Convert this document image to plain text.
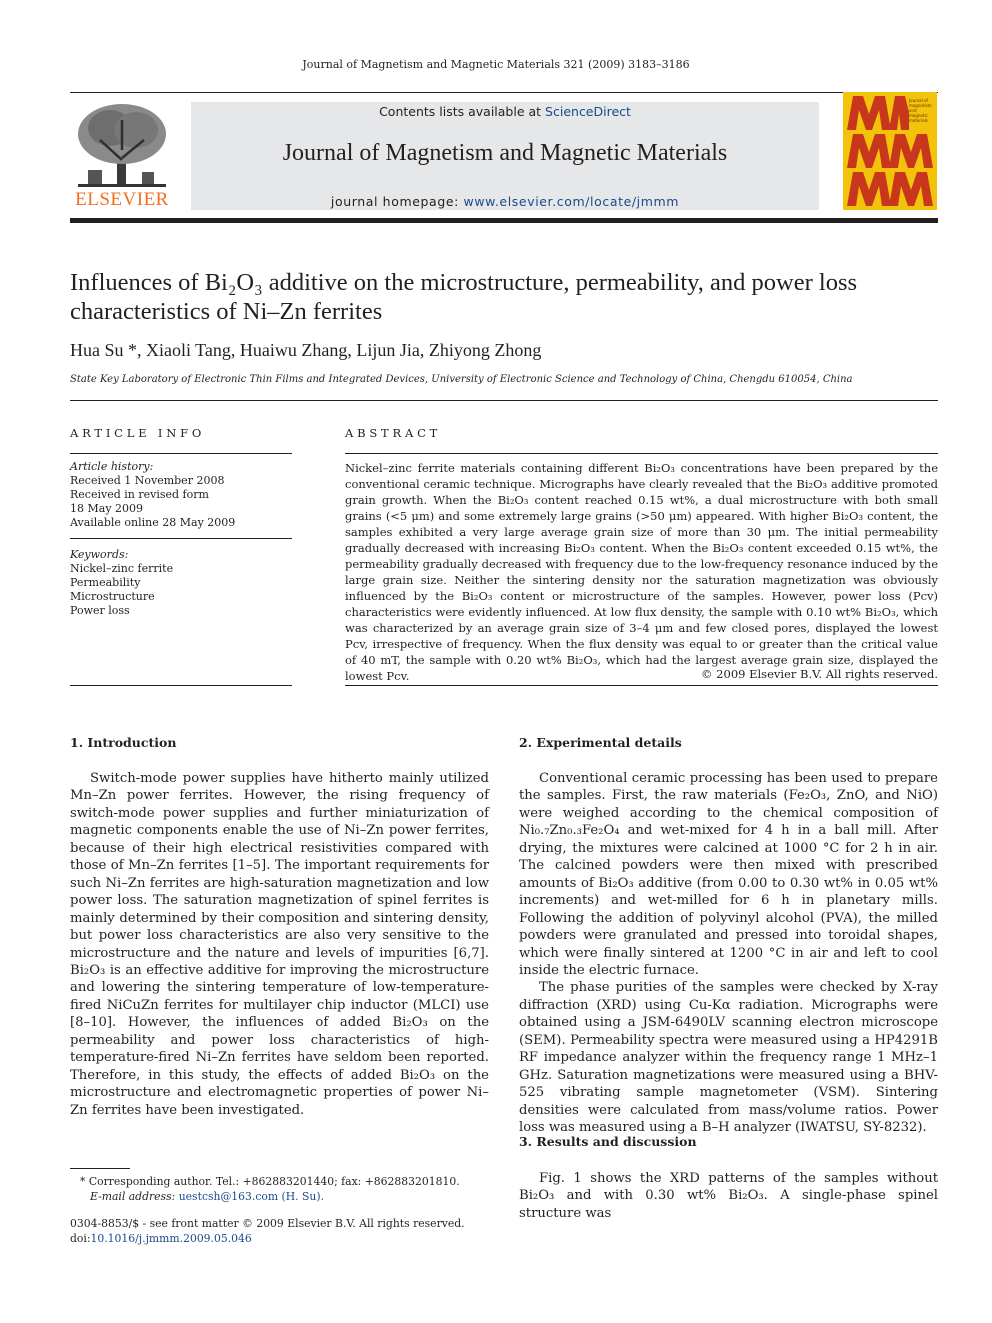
Journal of Magnetism and Magnetic Materials 321 (2009) 3183–3186
ELSEVIER
Contents lists available at ScienceDirect
Journal of Magnetism and Magnetic Materials
journal homepage: www.elsevier.com/locate/jmmm
Journal of magnetism and magnetic materials
Influences of Bi₂O₃ additive on the microstructure, permeability, and power loss characteristics of Ni–Zn ferrites
Hua Su *, Xiaoli Tang, Huaiwu Zhang, Lijun Jia, Zhiyong Zhong
State Key Laboratory of Electronic Thin Films and Integrated Devices, University of Electronic Science and Technology of China, Chengdu 610054, China
ARTICLE INFO
Article history:
Received 1 November 2008
Received in revised form
18 May 2009
Available online 28 May 2009
Keywords:
Nickel–zinc ferrite
Permeability
Microstructure
Power loss
ABSTRACT
Nickel–zinc ferrite materials containing different Bi₂O₃ concentrations have been prepared by the conventional ceramic technique. Micrographs have clearly revealed that the Bi₂O₃ additive promoted grain growth. When the Bi₂O₃ content reached 0.15 wt%, a dual microstructure with both small grains (<5 μm) and some extremely large grains (>50 μm) appeared. With higher Bi₂O₃ content, the samples exhibited a very large average grain size of more than 30 μm. The initial permeability gradually decreased with increasing Bi₂O₃ content. When the Bi₂O₃ content exceeded 0.15 wt%, the permeability gradually decreased with frequency due to the low-frequency resonance induced by the large grain size. Neither the sintering density nor the saturation magnetization was obviously influenced by the Bi₂O₃ content or microstructure of the samples. However, power loss (Pcv) characteristics were evidently influenced. At low flux density, the sample with 0.10 wt% Bi₂O₃, which was characterized by an average grain size of 3–4 μm and few closed pores, displayed the lowest Pcv, irrespective of frequency. When the flux density was equal to or greater than the critical value of 40 mT, the sample with 0.20 wt% Bi₂O₃, which had the largest average grain size, displayed the lowest Pcv.	© 2009 Elsevier B.V. All rights reserved.
1. Introduction

Switch-mode power supplies have hitherto mainly utilized Mn–Zn power ferrites. However, the rising frequency of switch-mode power supplies and further miniaturization of magnetic components enable the use of Ni–Zn power ferrites, because of their high electrical resistivities compared with those of Mn–Zn ferrites [1–5]. The important requirements for such Ni–Zn ferrites are high-saturation magnetization and low power loss. The saturation magnetization of spinel ferrites is mainly determined by their composition and sintering density, but power loss characteristics are also very sensitive to the microstructure and the nature and levels of impurities [6,7]. Bi₂O₃ is an effective additive for improving the microstructure and lowering the sintering temperature of low-temperature-fired NiCuZn ferrites for multilayer chip inductor (MLCI) use [8–10]. However, the influences of added Bi₂O₃ on the permeability and power loss characteristics of high-temperature-fired Ni–Zn ferrites have seldom been reported. Therefore, in this study, the effects of added Bi₂O₃ on the microstructure and electromagnetic properties of power Ni–Zn ferrites have been investigated.

2. Experimental details

Conventional ceramic processing has been used to prepare the samples. First, the raw materials (Fe₂O₃, ZnO, and NiO) were weighed according to the chemical composition of Ni₀.₇Zn₀.₃Fe₂O₄ and wet-mixed for 4 h in a ball mill. After drying, the mixtures were calcined at 1000 °C for 2 h in air. The calcined powders were then mixed with prescribed amounts of Bi₂O₃ additive (from 0.00 to 0.30 wt% in 0.05 wt% increments) and wet-milled for 6 h in planetary mills. Following the addition of polyvinyl alcohol (PVA), the milled powders were granulated and pressed into toroidal shapes, which were finally sintered at 1200 °C in air and left to cool inside the electric furnace.

The phase purities of the samples were checked by X-ray diffraction (XRD) using Cu-Kα radiation. Micrographs were obtained using a JSM-6490LV scanning electron microscope (SEM). Permeability spectra were measured using a HP4291B RF impedance analyzer within the frequency range 1 MHz–1 GHz. Saturation magnetizations were measured using a BHV-525 vibrating sample magnetometer (VSM). Sintering densities were calculated from mass/volume ratios. Power loss was measured using a B–H analyzer (IWATSU, SY-8232).

3. Results and discussion

Fig. 1 shows the XRD patterns of the samples without Bi₂O₃ and with 0.30 wt% Bi₂O₃. A single-phase spinel structure was

* Corresponding author. Tel.: +862883201440; fax: +862883201810.
E-mail address: uestcsh@163.com (H. Su).
0304-8853/$ - see front matter © 2009 Elsevier B.V. All rights reserved.
doi:10.1016/j.jmmm.2009.05.046
